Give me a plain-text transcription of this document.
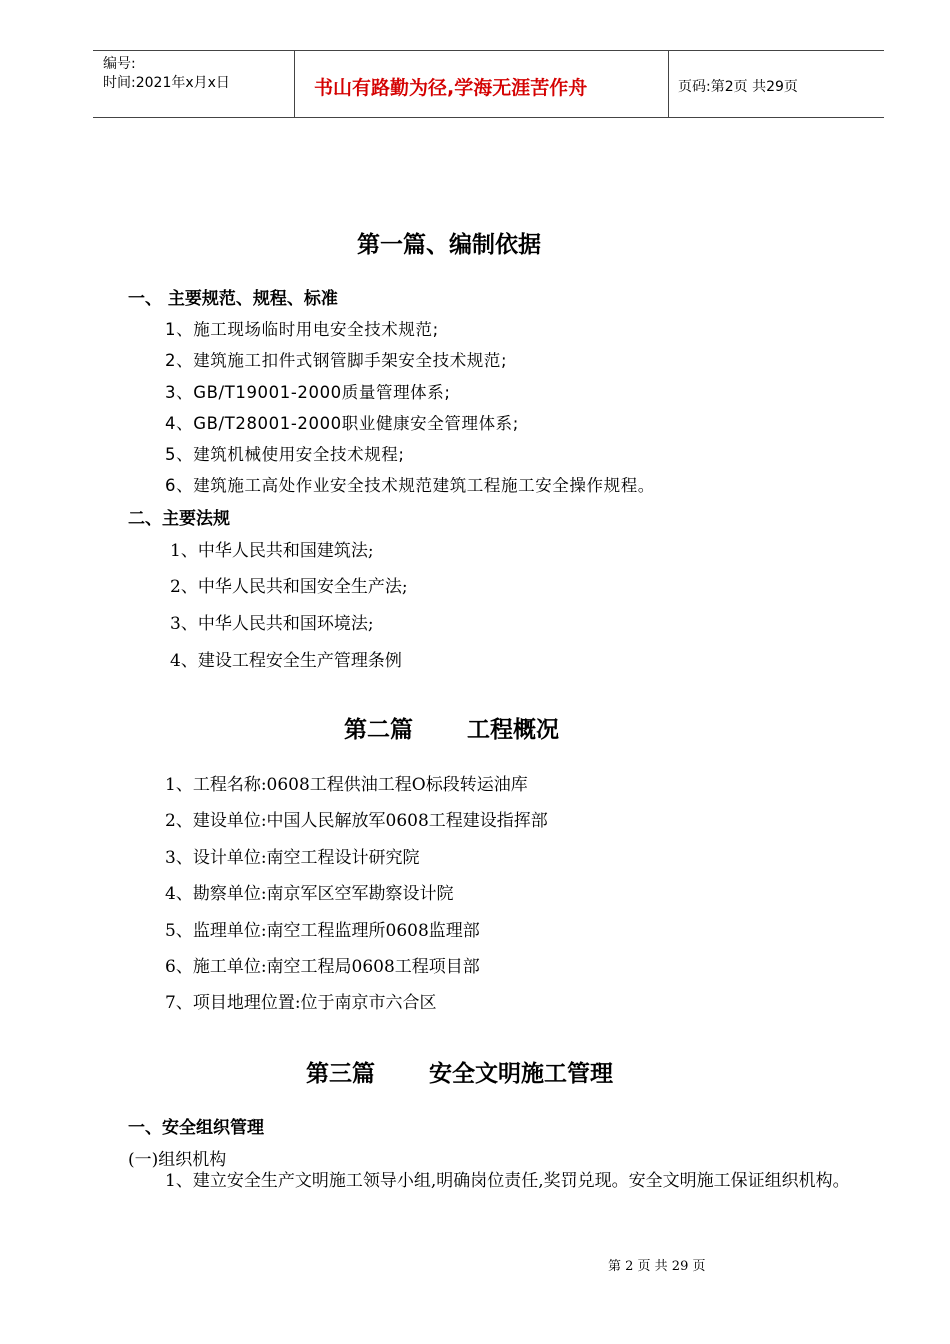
编号:
时间:2021年x月x日	书山有路勤为径,学海无涯苦作舟	页码:第2页 共29页
第一篇、编制依据
一、 主要规范、规程、标准
1、施工现场临时用电安全技术规范;
2、建筑施工扣件式钢管脚手架安全技术规范;
3、GB/T19001-2000质量管理体系;
4、GB/T28001-2000职业健康安全管理体系;
5、建筑机械使用安全技术规程;
6、建筑施工高处作业安全技术规范建筑工程施工安全操作规程。
二、主要法规
1、中华人民共和国建筑法;
2、中华人民共和国安全生产法;
3、中华人民共和国环境法;
4、建设工程安全生产管理条例
第二篇 工程概况
1、工程名称:0608工程供油工程O标段转运油库
2、建设单位:中国人民解放军0608工程建设指挥部
3、设计单位:南空工程设计研究院
4、勘察单位:南京军区空军勘察设计院
5、监理单位:南空工程监理所0608监理部
6、施工单位:南空工程局0608工程项目部
7、项目地理位置:位于南京市六合区
第三篇 安全文明施工管理
一、安全组织管理
(一)组织机构
1、建立安全生产文明施工领导小组,明确岗位责任,奖罚兑现。安全文明施工保证组织机构。
第 2 页 共 29 页
